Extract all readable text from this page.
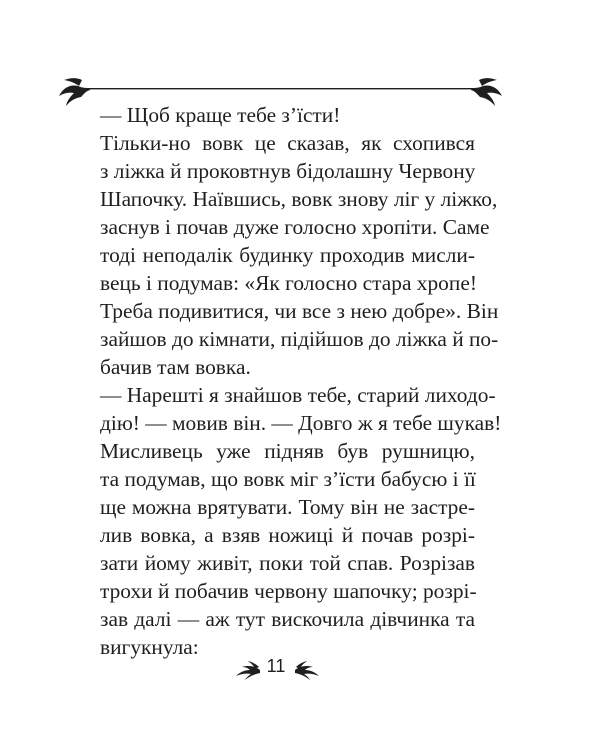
— Щоб краще тебе з’їсти!
Тільки-но вовк це сказав, як схопився
з ліжка й проковтнув бідолашну Червону
Шапочку. Наївшись, вовк знову ліг у ліжко,
заснув і почав дуже голосно хропіти. Саме
тоді неподалік будинку проходив мисли-
вець і подумав: «Як голосно стара хропе!
Треба подивитися, чи все з нею добре». Він
зайшов до кімнати, підійшов до ліжка й по-
бачив там вовка.
— Нарешті я знайшов тебе, старий лиходо-
дію! — мовив він. — Довго ж я тебе шукав!
Мисливець уже підняв був рушницю,
та подумав, що вовк міг з’їсти бабусю і її
ще можна врятувати. Тому він не застре-
лив вовка, а взяв ножиці й почав розрі-
зати йому живіт, поки той спав. Розрізав
трохи й побачив червону шапочку; розрі-
зав далі — аж тут вискочила дівчинка та
вигукнула:
11
